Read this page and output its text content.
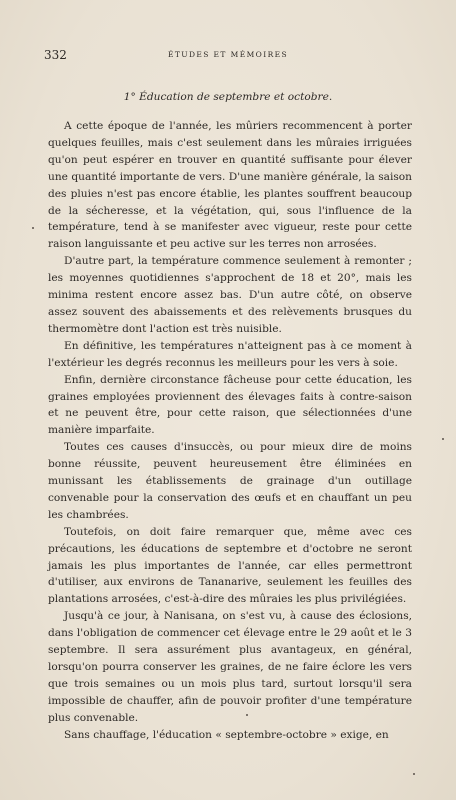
332	ÉTUDES ET MÉMOIRES
1° Éducation de septembre et octobre.

A cette époque de l'année, les mûriers recommencent à porter quelques feuilles, mais c'est seulement dans les mûraies irriguées qu'on peut espérer en trouver en quantité suffisante pour élever une quantité importante de vers. D'une manière générale, la saison des pluies n'est pas encore établie, les plantes souffrent beaucoup de la sécheresse, et la végétation, qui, sous l'influence de la température, tend à se manifester avec vigueur, reste pour cette raison languissante et peu active sur les terres non arrosées.

D'autre part, la température commence seulement à remonter ; les moyennes quotidiennes s'approchent de 18 et 20°, mais les minima restent encore assez bas. D'un autre côté, on observe assez souvent des abaissements et des relèvements brusques du thermomètre dont l'action est très nuisible.

En définitive, les températures n'atteignent pas à ce moment à l'extérieur les degrés reconnus les meilleurs pour les vers à soie.

Enfin, dernière circonstance fâcheuse pour cette éducation, les graines employées proviennent des élevages faits à contre-saison et ne peuvent être, pour cette raison, que sélectionnées d'une manière imparfaite.

Toutes ces causes d'insuccès, ou pour mieux dire de moins bonne réussite, peuvent heureusement être éliminées en munissant les établissements de grainage d'un outillage convenable pour la conservation des œufs et en chauffant un peu les chambrées.

Toutefois, on doit faire remarquer que, même avec ces précautions, les éducations de septembre et d'octobre ne seront jamais les plus importantes de l'année, car elles permettront d'utiliser, aux environs de Tananarive, seulement les feuilles des plantations arrosées, c'est-à-dire des mûraies les plus privilégiées.

Jusqu'à ce jour, à Nanisana, on s'est vu, à cause des éclosions, dans l'obligation de commencer cet élevage entre le 29 août et le 3 septembre. Il sera assurément plus avantageux, en général, lorsqu'on pourra conserver les graines, de ne faire éclore les vers que trois semaines ou un mois plus tard, surtout lorsqu'il sera impossible de chauffer, afin de pouvoir profiter d'une température plus convenable.

Sans chauffage, l'éducation « septembre-octobre » exige, en
